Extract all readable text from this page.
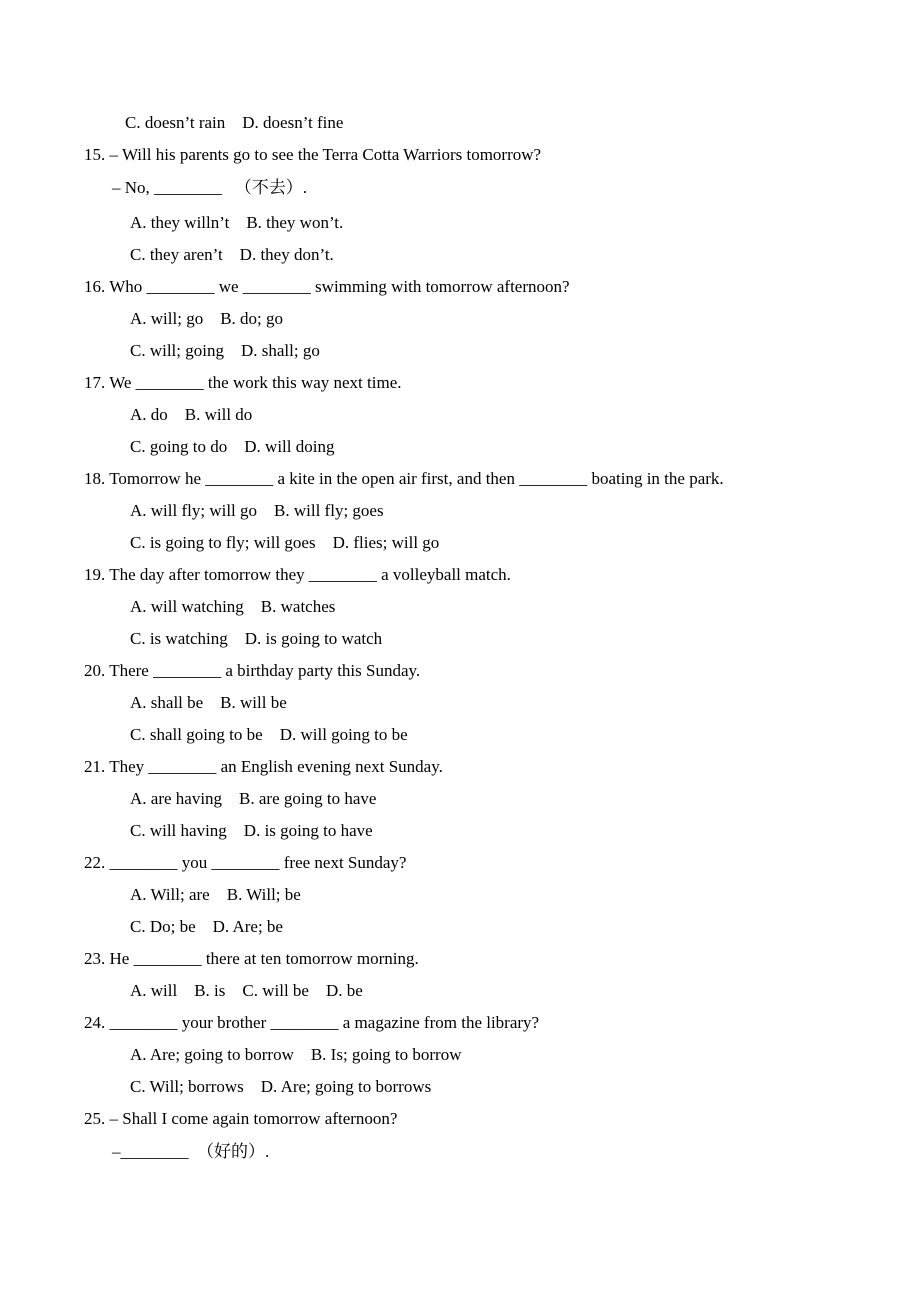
C. doesn’t rain    D. doesn’t fine
15. – Will his parents go to see the Terra Cotta Warriors tomorrow?
– No, ________   （不去）.
A. they willn’t    B. they won’t.
C. they aren’t    D. they don’t.
16. Who ________ we ________ swimming with tomorrow afternoon?
A. will; go    B. do; go
C. will; going    D. shall; go
17. We ________ the work this way next time.
A. do    B. will do
C. going to do    D. will doing
18. Tomorrow he ________ a kite in the open air first, and then ________ boating in the park.
A. will fly; will go    B. will fly; goes
C. is going to fly; will goes    D. flies; will go
19. The day after tomorrow they ________ a volleyball match.
A. will watching    B. watches
C. is watching    D. is going to watch
20. There ________ a birthday party this Sunday.
A. shall be    B. will be
C. shall going to be    D. will going to be
21. They ________ an English evening next Sunday.
A. are having    B. are going to have
C. will having    D. is going to have
22. ________ you ________ free next Sunday?
A. Will; are    B. Will; be
C. Do; be    D. Are; be
23. He ________ there at ten tomorrow morning.
A. will    B. is    C. will be    D. be
24. ________ your brother ________ a magazine from the library?
A. Are; going to borrow    B. Is; going to borrow
C. Will; borrows    D. Are; going to borrows
25. – Shall I come again tomorrow afternoon?
–________  （好的）.
